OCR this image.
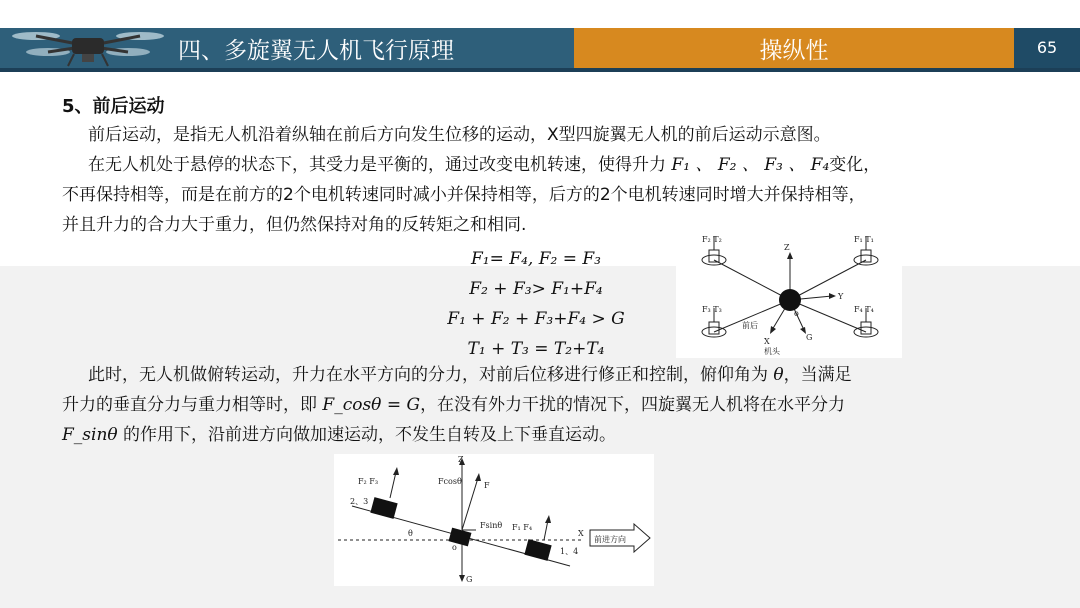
四、多旋翼无人机飞行原理	操纵性	65

5、前后运动

前后运动，是指无人机沿着纵轴在前后方向发生位移的运动，X型四旋翼无人机的前后运动示意图。

在无人机处于悬停的状态下，其受力是平衡的，通过改变电机转速，使得升力 F₁ 、 F₂ 、 F₃ 、 F₄变化，

不再保持相等，而是在前方的2个电机转速同时减小并保持相等，后方的2个电机转速同时增大并保持相等，

并且升力的合力大于重力，但仍然保持对角的反转矩之和相同.

F₁= F₄, F₂ = F₃
F₂ + F₃> F₁+F₄
F₁ + F₂ + F₃+F₄ > G
T₁ + T₃ = T₂+T₄
F₂ T₂	F₁ T₁
F₃ T₃	F₄ T₄
Z
Y
X
o
G
前后
机头

此时，无人机做俯转运动，升力在水平方向的分力，对前后位移进行修正和控制，俯仰角为 θ，当满足

升力的垂直分力与重力相等时，即 F_cosθ = G，在没有外力干扰的情况下，四旋翼无人机将在水平分力

F_sinθ 的作用下，沿前进方向做加速运动，不发生自转及上下垂直运动。

Z
X
o
G
F
Fcosθ
Fsinθ
θ
F₂ F₃
F₁ F₄
2、3
1、4
前进方向
